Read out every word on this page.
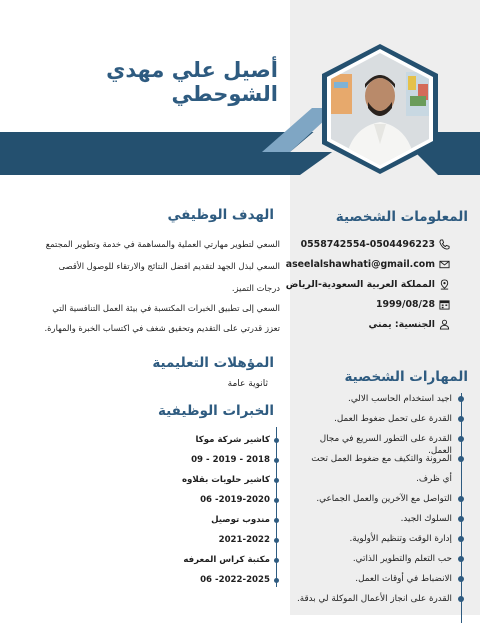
أصيل علي مهدي الشوحطي
المعلومات الشخصية
0558742554-0504496223
aseelalshawhati@gmail.com
المملكة العربية السعودية-الرياض
1999/08/28
الجنسية: يمني
المهارات الشخصية
اجيد استخدام الحاسب الالي.
القدرة على تحمل ضغوط العمل.
القدرة على التطور السريع في مجال العمل.
المرونة والتكيف مع ضغوط العمل تحت
أي ظرف.
التواصل مع الآخرين والعمل الجماعي.
السلوك الجيد.
إدارة الوقت وتنظيم الأولوية.
حب التعلم والتطوير الذاتي.
الانضباط في أوقات العمل.
القدرة على انجاز الأعمال الموكلة لي بدقة.
الهدف الوظيفي
السعي لتطوير مهارتي العملية والمساهمة في خدمة وتطوير المجتمع
السعي لبذل الجهد لتقديم افضل النتائج والارتقاء للوصول الأقصى
درجات التميز.
السعي إلى تطبيق الخبرات المكتسبة في بيئة العمل التنافسية التي
تعزز قدرتي على التقديم وتحقيق شغف في اكتساب الخبرة والمهارة.
المؤهلات التعليمية
ثانوية عامة
الخبرات الوظيفية
كاشير شركة موكا
2018 - 2019 - 09
كاشير حلويات بقلاوه
2019-2020- 06
مندوب توصيل
2021-2022
مكتبة كراس المعرفه
2022-2025- 06
